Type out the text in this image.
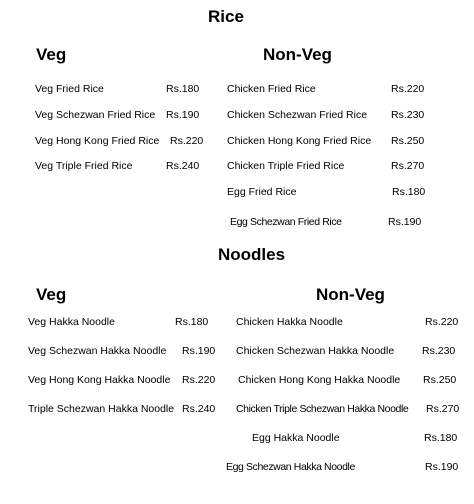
Rice
Veg	Non-Veg
Veg Fried Rice	Rs.180
Veg Schezwan Fried Rice Rs.190
Veg Hong Kong Fried Rice Rs.220
Veg Triple Fried Rice	Rs.240
Chicken Fried Rice	Rs.220
Chicken Schezwan Fried Rice Rs.230
Chicken Hong Kong Fried Rice Rs.250
Chicken Triple Fried Rice	Rs.270
Egg Fried Rice	Rs.180
Egg Schezwan Fried Rice	Rs.190
Noodles
Veg	Non-Veg
Veg Hakka Noodle	Rs.180
Veg Schezwan Hakka Noodle Rs.190
Veg Hong Kong Hakka Noodle Rs.220
Triple Schezwan Hakka Noodle Rs.240
Chicken Hakka Noodle	Rs.220
Chicken Schezwan Hakka Noodle	Rs.230
Chicken Hong Kong Hakka Noodle Rs.250
Chicken Triple Schezwan Hakka Noodle Rs.270
Egg Hakka Noodle	Rs.180
Egg Schezwan Hakka Noodle	Rs.190
